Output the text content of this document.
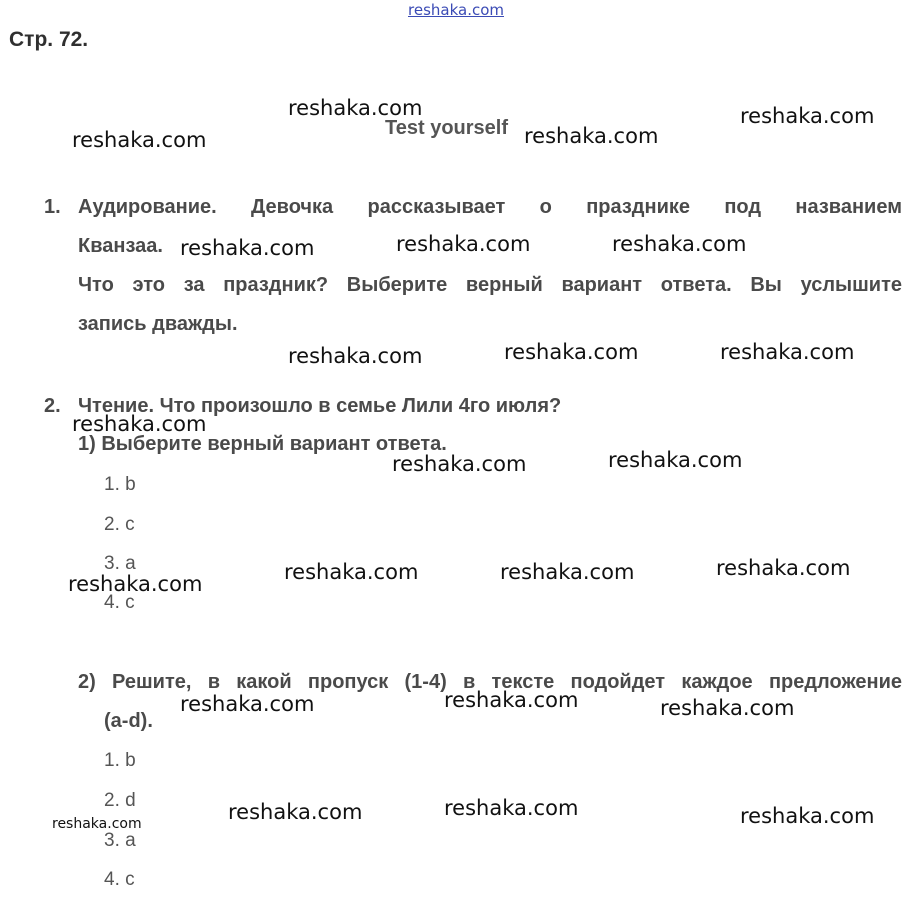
reshaka.com
Стр. 72.
Test yourself
1. Аудирование. Девочка рассказывает о празднике под названием
Кванзаа.
Что это за праздник? Выберите верный вариант ответа. Вы услышите
запись дважды.
2. Чтение. Что произошло в семье Лили 4го июля?
1) Выберите верный вариант ответа.
1. b
2. c
3. a
4. c
2) Решите, в какой пропуск (1-4) в тексте подойдет каждое предложение
(a-d).
1. b
2. d
3. a
4. c
reshaka.com	reshaka.com
reshaka.com	reshaka.com
reshaka.com	reshaka.com	reshaka.com
reshaka.com	reshaka.com	reshaka.com
reshaka.com
reshaka.com	reshaka.com
reshaka.com	reshaka.com	reshaka.com	reshaka.com
reshaka.com	reshaka.com	reshaka.com
reshaka.com	reshaka.com	reshaka.com
reshaka.com
